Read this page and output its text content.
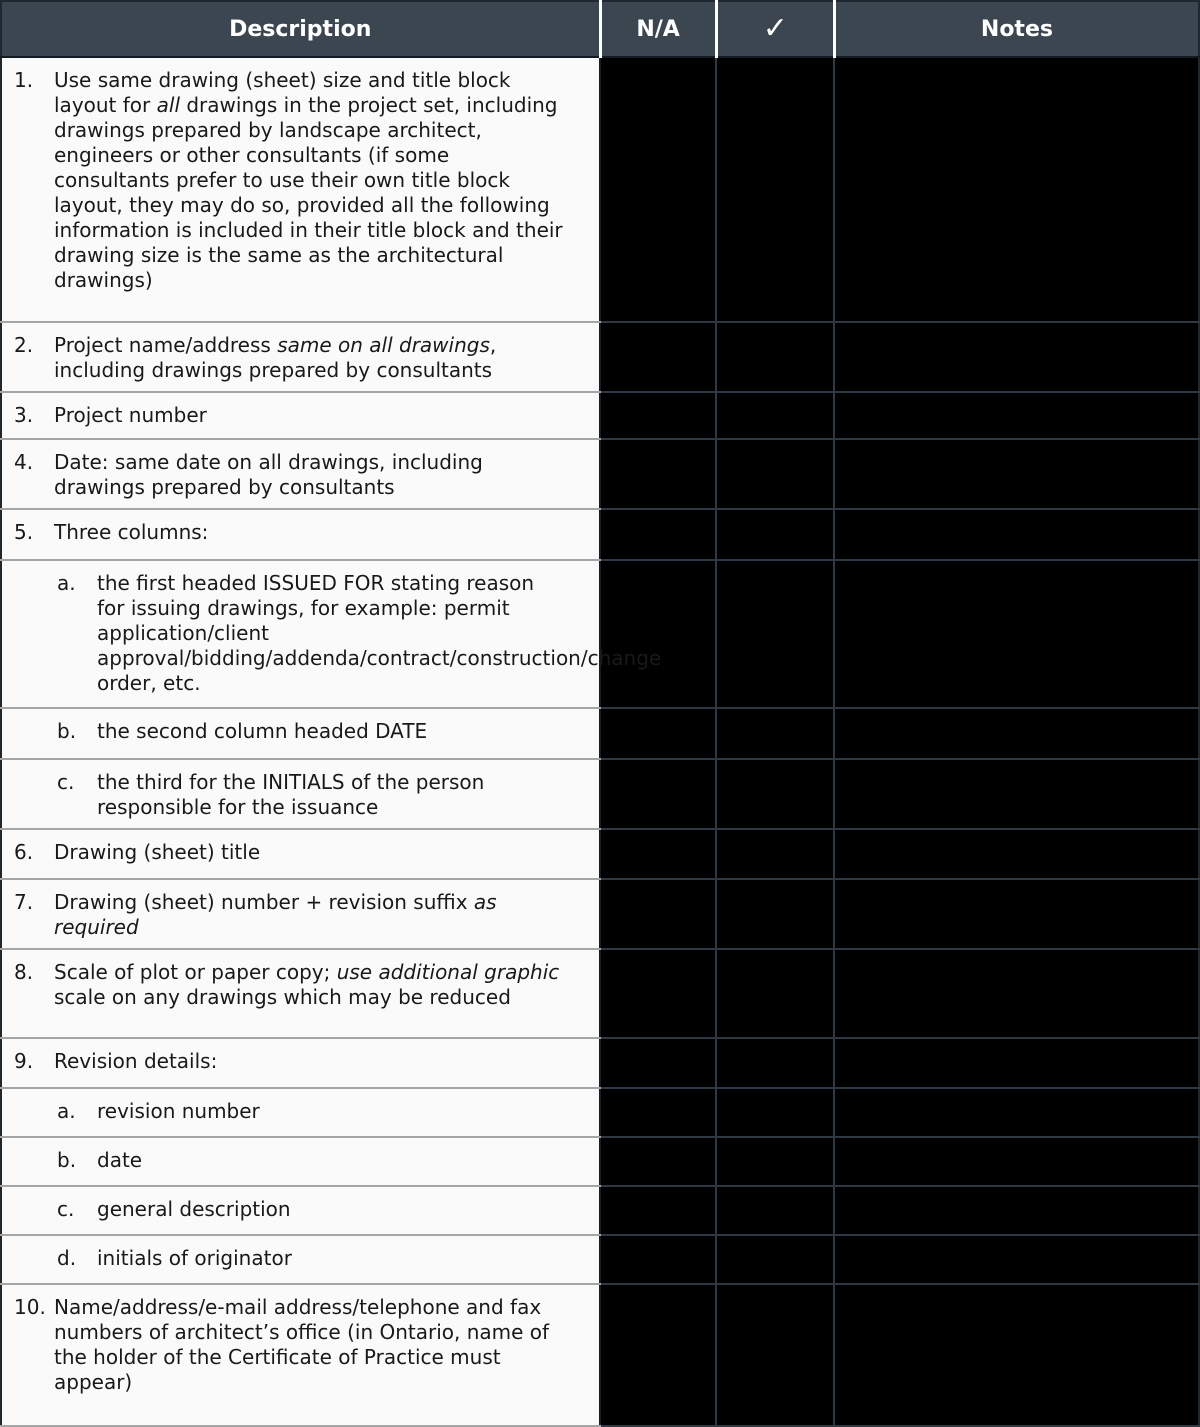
Description	N/A	✓	Notes

1. Use same drawing (sheet) size and title block layout for all drawings in the project set, including drawings prepared by landscape architect, engineers or other consultants (if some consultants prefer to use their own title block layout, they may do so, provided all the following information is included in their title block and their drawing size is the same as the architectural drawings)			

2. Project name/address same on all drawings, including drawings prepared by consultants			

3. Project number			

4. Date: same date on all drawings, including drawings prepared by consultants			

5. Three columns:			

a. the first headed ISSUED FOR stating reason for issuing drawings, for example: permit application/client approval/bidding/addenda/contract/construction/change order, etc.			

b. the second column headed DATE			

c. the third for the INITIALS of the person responsible for the issuance			

6. Drawing (sheet) title			

7. Drawing (sheet) number + revision suffix as required			

8. Scale of plot or paper copy; use additional graphic scale on any drawings which may be reduced			

9. Revision details:			

a. revision number			

b. date			

c. general description			

d. initials of originator			

10. Name/address/e-mail address/telephone and fax numbers of architect’s office (in Ontario, name of the holder of the Certificate of Practice must appear)			
